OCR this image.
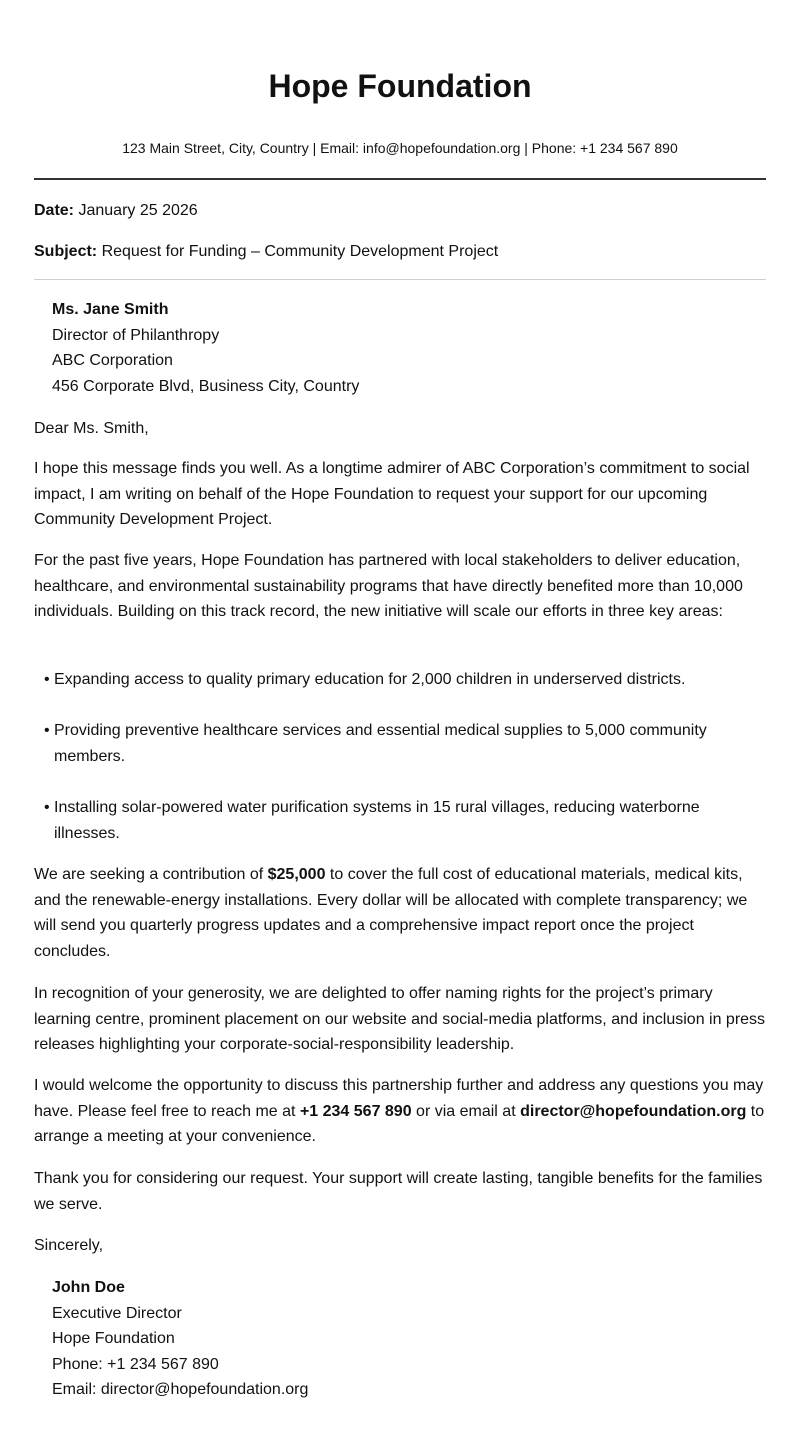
Hope Foundation
123 Main Street, City, Country | Email: info@hopefoundation.org | Phone: +1 234 567 890
Date: January 25 2026
Subject: Request for Funding – Community Development Project
Ms. Jane Smith
Director of Philanthropy
ABC Corporation
456 Corporate Blvd, Business City, Country

Dear Ms. Smith,

I hope this message finds you well. As a longtime admirer of ABC Corporation’s commitment to social impact, I am writing on behalf of the Hope Foundation to request your support for our upcoming Community Development Project.

For the past five years, Hope Foundation has partnered with local stakeholders to deliver education, healthcare, and environmental sustainability programs that have directly benefited more than 10,000 individuals. Building on this track record, the new initiative will scale our efforts in three key areas:

• Expanding access to quality primary education for 2,000 children in underserved districts.
• Providing preventive healthcare services and essential medical supplies to 5,000 community members.
• Installing solar-powered water purification systems in 15 rural villages, reducing waterborne illnesses.

We are seeking a contribution of $25,000 to cover the full cost of educational materials, medical kits, and the renewable-energy installations. Every dollar will be allocated with complete transparency; we will send you quarterly progress updates and a comprehensive impact report once the project concludes.

In recognition of your generosity, we are delighted to offer naming rights for the project’s primary learning centre, prominent placement on our website and social-media platforms, and inclusion in press releases highlighting your corporate-social-responsibility leadership.

I would welcome the opportunity to discuss this partnership further and address any questions you may have. Please feel free to reach me at +1 234 567 890 or via email at director@hopefoundation.org to arrange a meeting at your convenience.

Thank you for considering our request. Your support will create lasting, tangible benefits for the families we serve.

Sincerely,

John Doe
Executive Director
Hope Foundation
Phone: +1 234 567 890
Email: director@hopefoundation.org
